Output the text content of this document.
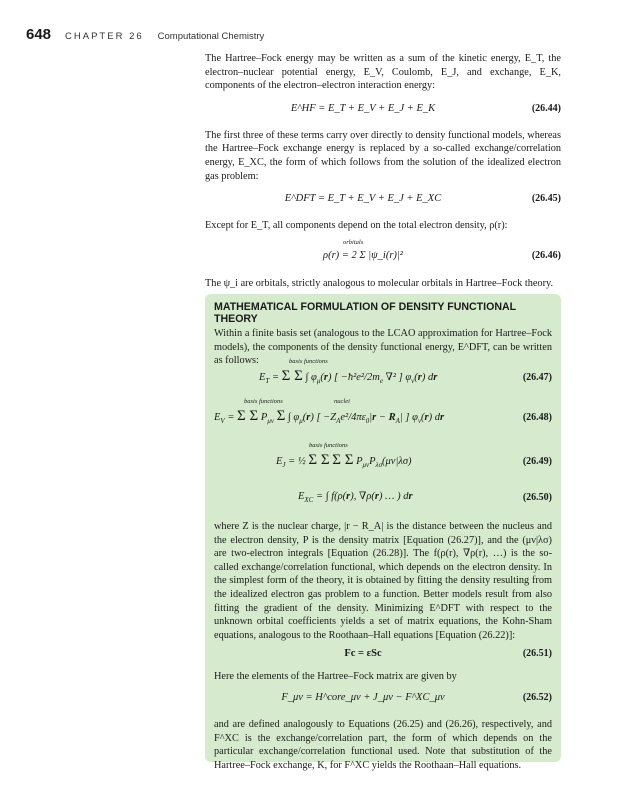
648 CHAPTER 26 Computational Chemistry

The Hartree–Fock energy may be written as a sum of the kinetic energy, E_T, the electron–nuclear potential energy, E_V, Coulomb, E_J, and exchange, E_K, components of the electron–electron interaction energy:

E^HF = E_T + E_V + E_J + E_K	(26.44)

The first three of these terms carry over directly to density functional models, whereas the Hartree–Fock exchange energy is replaced by a so-called exchange/correlation energy, E_XC, the form of which follows from the solution of the idealized electron gas problem:

E^DFT = E_T + E_V + E_J + E_XC	(26.45)

Except for E_T, all components depend on the total electron density, ρ(r):

orbitals
ρ(r) = 2 Σ |ψ_i(r)|²	(26.46)

The ψ_i are orbitals, strictly analogous to molecular orbitals in Hartree–Fock theory.

MATHEMATICAL FORMULATION OF DENSITY FUNCTIONAL THEORY

Within a finite basis set (analogous to the LCAO approximation for Hartree–Fock models), the components of the density functional energy, E^DFT, can be written as follows:	basis functions
$E_T = \Sigma$ Σ ∫ $\varphi_\mu(r)$ [ $-ħ^2e^2/2m_e$ ∇² ] $\varphi_\nu(r)$ dr	(26.47)
basis functions	nuclei
$E_V = \Sigma$ Σ $P_{\mu\nu}$ Σ ∫ $\varphi_\mu(r)$ [ $-Z_Ae^2/4\pi\varepsilon_0|r - R_A|$ ] $\varphi_\nu(r)$ dr	(26.48)
basis functions
$E_J$ = ½ Σ Σ Σ Σ $P_{\mu\nu}P_{\lambda\sigma}(\mu\nu|\lambda\sigma)$	(26.49)
$E_{XC}$ = ∫ f(ρ(r), ∇ρ(r) … ) dr	(26.50)

where Z is the nuclear charge, |r − R_A| is the distance between the nucleus and the electron density, P is the density matrix [Equation (26.27)], and the (μν|λσ) are two-electron integrals [Equation (26.28)]. The f(ρ(r), ∇ρ(r), …) is the so-called exchange/correlation functional, which depends on the electron density. In the simplest form of the theory, it is obtained by fitting the density resulting from the idealized electron gas problem to a function. Better models result from also fitting the gradient of the density. Minimizing E^DFT with respect to the unknown orbital coefficients yields a set of matrix equations, the Kohn-Sham equations, analogous to the Roothaan–Hall equations [Equation (26.22)]:

Fc = εSc	(26.51)

Here the elements of the Hartree–Fock matrix are given by

F_μν = H^core_μν + J_μν − F^XC_μν	(26.52)

and are defined analogously to Equations (26.25) and (26.26), respectively, and F^XC is the exchange/correlation part, the form of which depends on the particular exchange/correlation functional used. Note that substitution of the Hartree–Fock exchange, K, for F^XC yields the Roothaan–Hall equations.
